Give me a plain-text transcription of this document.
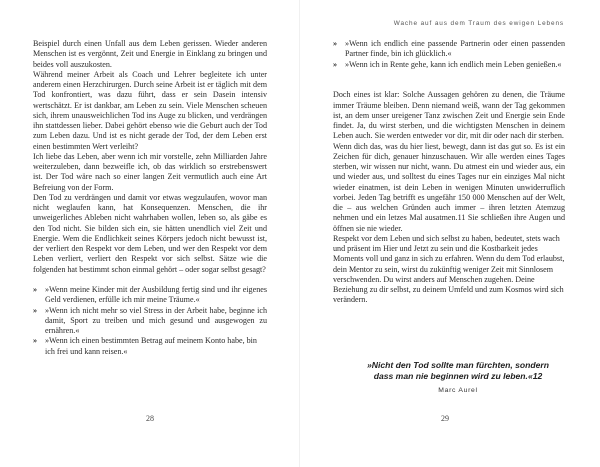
Beispiel durch einen Unfall aus dem Leben gerissen. Wieder anderen Menschen ist es vergönnt, Zeit und Energie in Einklang zu bringen und beides voll auszukosten.

Während meiner Arbeit als Coach und Lehrer begleitete ich unter anderem einen Herzchirurgen. Durch seine Arbeit ist er täglich mit dem Tod konfrontiert, was dazu führt, dass er sein Dasein intensiv wertschätzt. Er ist dankbar, am Leben zu sein. Viele Menschen scheuen sich, ihrem unausweichlichen Tod ins Auge zu blicken, und verdrängen ihn stattdessen lieber. Dabei gehört ebenso wie die Geburt auch der Tod zum Leben dazu. Und ist es nicht gerade der Tod, der dem Leben erst einen bestimmten Wert verleiht?

Ich liebe das Leben, aber wenn ich mir vorstelle, zehn Milliarden Jahre weiterzuleben, dann bezweifle ich, ob das wirklich so erstrebenswert ist. Der Tod wäre nach so einer langen Zeit vermutlich auch eine Art Befreiung von der Form.

Den Tod zu verdrängen und damit vor etwas wegzulaufen, wovor man nicht weglaufen kann, hat Konsequenzen. Menschen, die ihr unweigerliches Ableben nicht wahrhaben wollen, leben so, als gäbe es den Tod nicht. Sie bilden sich ein, sie hätten unendlich viel Zeit und Energie. Wem die Endlichkeit seines Körpers jedoch nicht bewusst ist, der verliert den Respekt vor dem Leben, und wer den Respekt vor dem Leben verliert, verliert den Respekt vor sich selbst. Sätze wie die folgenden hat bestimmt schon einmal gehört – oder sogar selbst gesagt?

» »Wenn meine Kinder mit der Ausbildung fertig sind und ihr eigenes Geld verdienen, erfülle ich mir meine Träume.«
» »Wenn ich nicht mehr so viel Stress in der Arbeit habe, beginne ich damit, Sport zu treiben und mich gesund und ausgewogen zu ernähren.«
» »Wenn ich einen bestimmten Betrag auf meinem Konto habe, bin ich frei und kann reisen.«
28
Wache auf aus dem Traum des ewigen Lebens
» »Wenn ich endlich eine passende Partnerin oder einen passenden Partner finde, bin ich glücklich.«
» »Wenn ich in Rente gehe, kann ich endlich mein Leben genießen.«

Doch eines ist klar: Solche Aussagen gehören zu denen, die Träume immer Träume bleiben. Denn niemand weiß, wann der Tag gekommen ist, an dem unser ureigener Tanz zwischen Zeit und Energie sein Ende findet. Ja, du wirst sterben, und die wichtigsten Menschen in deinem Leben auch. Sie werden entweder vor dir, mit dir oder nach dir sterben.

Wenn dich das, was du hier liest, bewegt, dann ist das gut so. Es ist ein Zeichen für dich, genauer hinzuschauen. Wir alle werden eines Tages sterben, wir wissen nur nicht, wann. Du atmest ein und wieder aus, ein und wieder aus, und solltest du eines Tages nur ein einziges Mal nicht wieder einatmen, ist dein Leben in wenigen Minuten unwiderruflich vorbei. Jeden Tag betrifft es ungefähr 150 000 Menschen auf der Welt, die – aus welchen Gründen auch immer – ihren letzten Atemzug nehmen und ein letzes Mal ausatmen.11 Sie schließen ihre Augen und öffnen sie nie wieder.

Respekt vor dem Leben und sich selbst zu haben, bedeutet, stets wach und präsent im Hier und Jetzt zu sein und die Kostbarkeit jedes Moments voll und ganz in sich zu erfahren. Wenn du dem Tod erlaubst, dein Mentor zu sein, wirst du zukünftig weniger Zeit mit Sinnlosem verschwenden. Du wirst anders auf Menschen zugehen. Deine Beziehung zu dir selbst, zu deinem Umfeld und zum Kosmos wird sich verändern.

»Nicht den Tod sollte man fürchten, sondern dass man nie beginnen wird zu leben.«12
Marc Aurel
29
